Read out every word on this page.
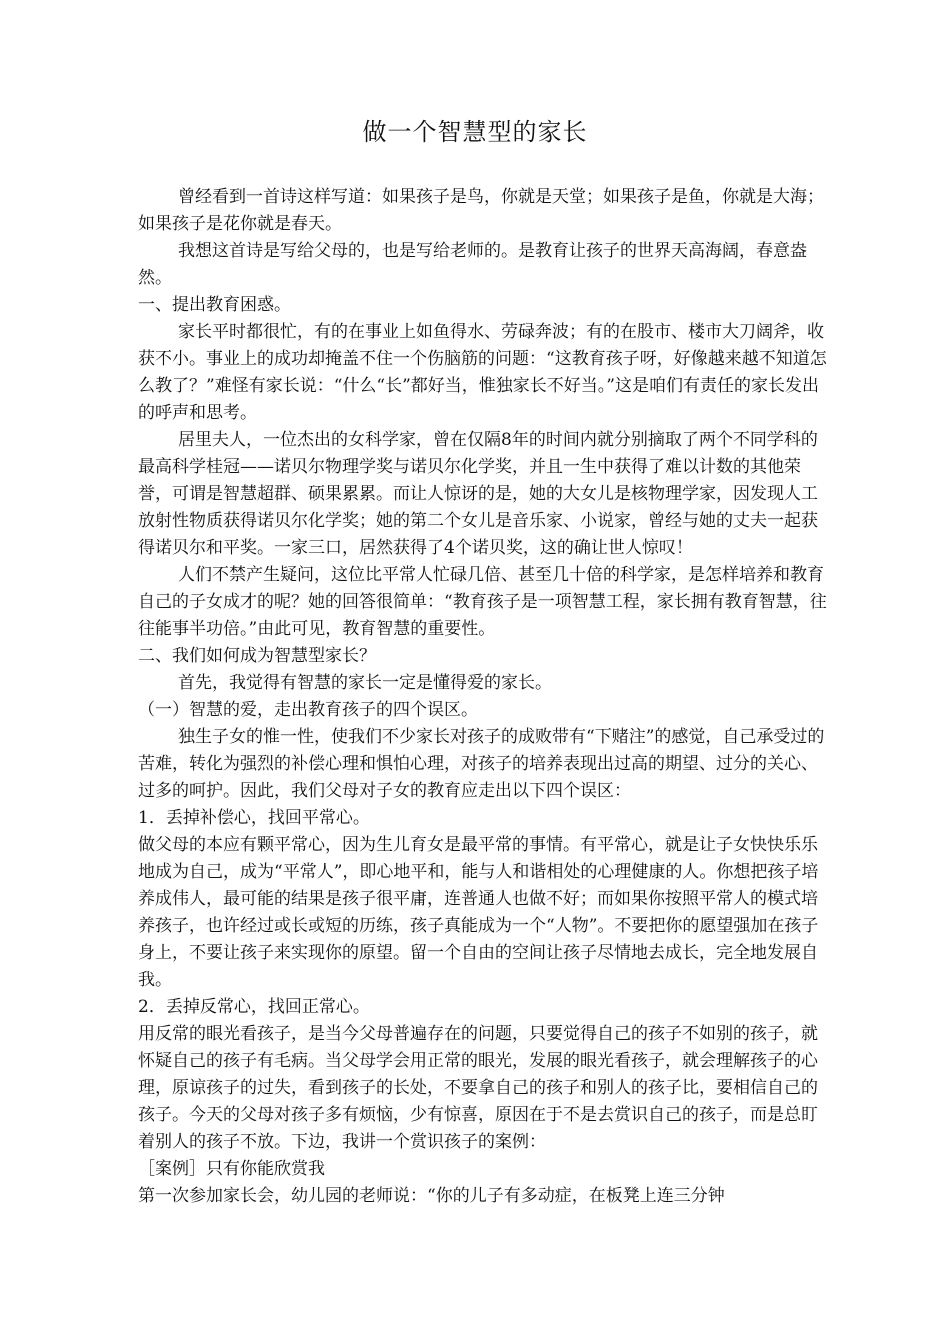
做一个智慧型的家长

曾经看到一首诗这样写道：如果孩子是鸟，你就是天堂；如果孩子是鱼，你就是大海；如果孩子是花你就是春天。

我想这首诗是写给父母的，也是写给老师的。是教育让孩子的世界天高海阔，春意盎然。

一、提出教育困惑。

家长平时都很忙，有的在事业上如鱼得水、劳碌奔波；有的在股市、楼市大刀阔斧，收获不小。事业上的成功却掩盖不住一个伤脑筋的问题：“这教育孩子呀，好像越来越不知道怎么教了？”难怪有家长说：“什么“长”都好当，惟独家长不好当。”这是咱们有责任的家长发出的呼声和思考。

居里夫人，一位杰出的女科学家，曾在仅隔8年的时间内就分别摘取了两个不同学科的最高科学桂冠——诺贝尔物理学奖与诺贝尔化学奖，并且一生中获得了难以计数的其他荣誉，可谓是智慧超群、硕果累累。而让人惊讶的是，她的大女儿是核物理学家，因发现人工放射性物质获得诺贝尔化学奖；她的第二个女儿是音乐家、小说家，曾经与她的丈夫一起获得诺贝尔和平奖。一家三口，居然获得了4个诺贝奖，这的确让世人惊叹！

人们不禁产生疑问，这位比平常人忙碌几倍、甚至几十倍的科学家，是怎样培养和教育自己的子女成才的呢？她的回答很简单：“教育孩子是一项智慧工程，家长拥有教育智慧，往往能事半功倍。”由此可见，教育智慧的重要性。

二、我们如何成为智慧型家长？

首先，我觉得有智慧的家长一定是懂得爱的家长。

（一）智慧的爱，走出教育孩子的四个误区。

独生子女的惟一性，使我们不少家长对孩子的成败带有“下赌注”的感觉，自己承受过的苦难，转化为强烈的补偿心理和惧怕心理，对孩子的培养表现出过高的期望、过分的关心、过多的呵护。因此，我们父母对子女的教育应走出以下四个误区：

1．丢掉补偿心，找回平常心。

做父母的本应有颗平常心，因为生儿育女是最平常的事情。有平常心，就是让子女快快乐乐地成为自己，成为“平常人”，即心地平和，能与人和谐相处的心理健康的人。你想把孩子培养成伟人，最可能的结果是孩子很平庸，连普通人也做不好；而如果你按照平常人的模式培养孩子，也许经过或长或短的历练，孩子真能成为一个“人物”。不要把你的愿望强加在孩子身上，不要让孩子来实现你的原望。留一个自由的空间让孩子尽情地去成长，完全地发展自我。

2．丢掉反常心，找回正常心。

用反常的眼光看孩子，是当今父母普遍存在的问题，只要觉得自己的孩子不如别的孩子，就怀疑自己的孩子有毛病。当父母学会用正常的眼光，发展的眼光看孩子，就会理解孩子的心理，原谅孩子的过失，看到孩子的长处，不要拿自己的孩子和别人的孩子比，要相信自己的孩子。今天的父母对孩子多有烦恼，少有惊喜，原因在于不是去赏识自己的孩子，而是总盯着别人的孩子不放。下边，我讲一个赏识孩子的案例：

［案例］只有你能欣赏我

第一次参加家长会，幼儿园的老师说：“你的儿子有多动症，在板凳上连三分钟
